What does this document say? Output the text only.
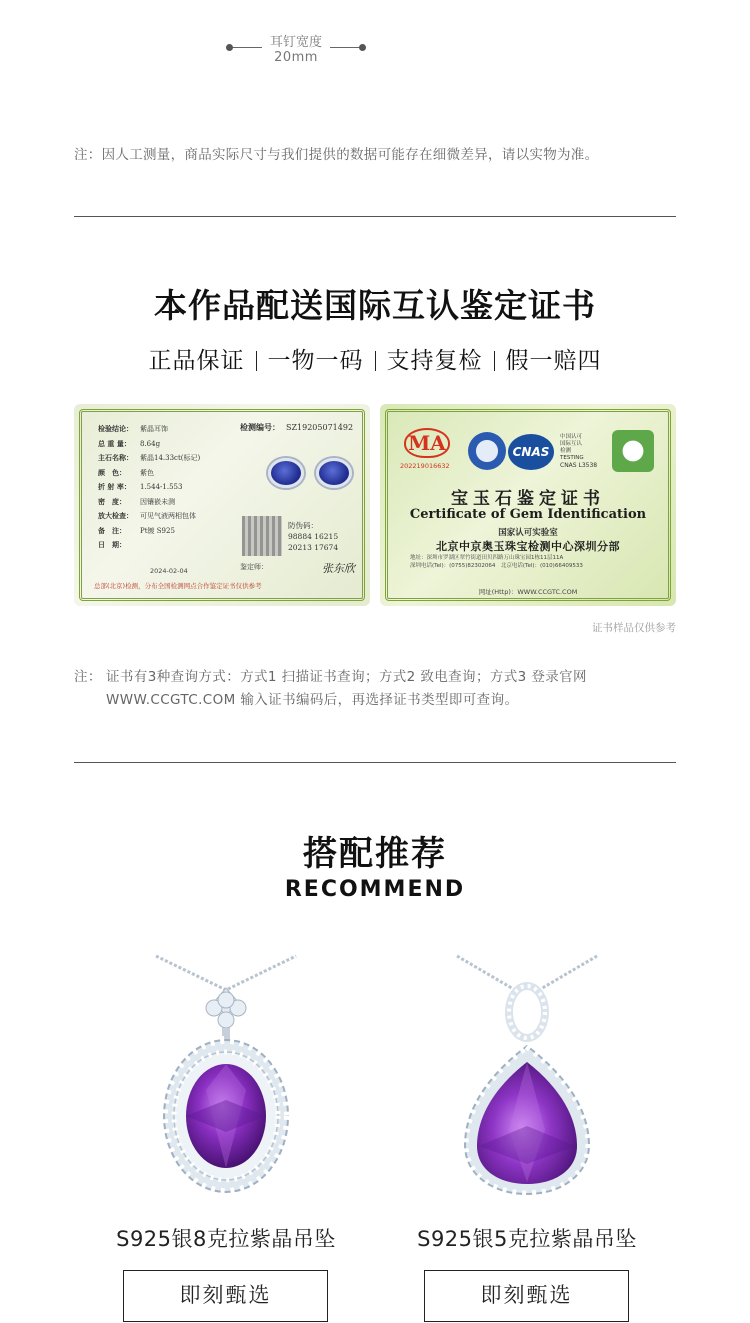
耳钉宽度
20mm
注：因人工测量，商品实际尺寸与我们提供的数据可能存在细微差异，请以实物为准。
本作品配送国际互认鉴定证书
正品保证 一物一码 支持复检 假一赔四
检验结论： 紫晶耳饰
总 重 量： 8.64g
主石名称： 紫晶14.33ct(标记)
颜　色： 紫色
折 射 率： 1.544-1.553
密　度： 因镶嵌未测
放大检查： 可见气液两相包体
备　注： Pt镀 S925
日　期：
检测编号： SZ19205071492
防伪码：
98884 16215
20213 17674
鉴定师：	张东欣
2024-02-04
总部(北京)检测，分布全国检测网点合作鉴定证书仅供参考
MA
202219016632
CNAS
中国认可
国际互认
检测
TESTING
CNAS L3538
宝玉石鉴定证书
Certificate of Gem Identification
国家认可实验室
北京中京奥玉珠宝检测中心深圳分部
地址：深圳市罗湖区翠竹街道田贝四路万山珠宝园1栋11层11A
深圳电话(Tel)：(0755)82302064　北京电话(Tel)：(010)66409533
网址(Http)：WWW.CCGTC.COM
证书样品仅供参考
注： 证书有3种查询方式：方式1 扫描证书查询；方式2 致电查询；方式3 登录官网 WWW.CCGTC.COM 输入证书编码后，再选择证书类型即可查询。
搭配推荐
RECOMMEND
S925银8克拉紫晶吊坠
即刻甄选
S925银5克拉紫晶吊坠
即刻甄选
